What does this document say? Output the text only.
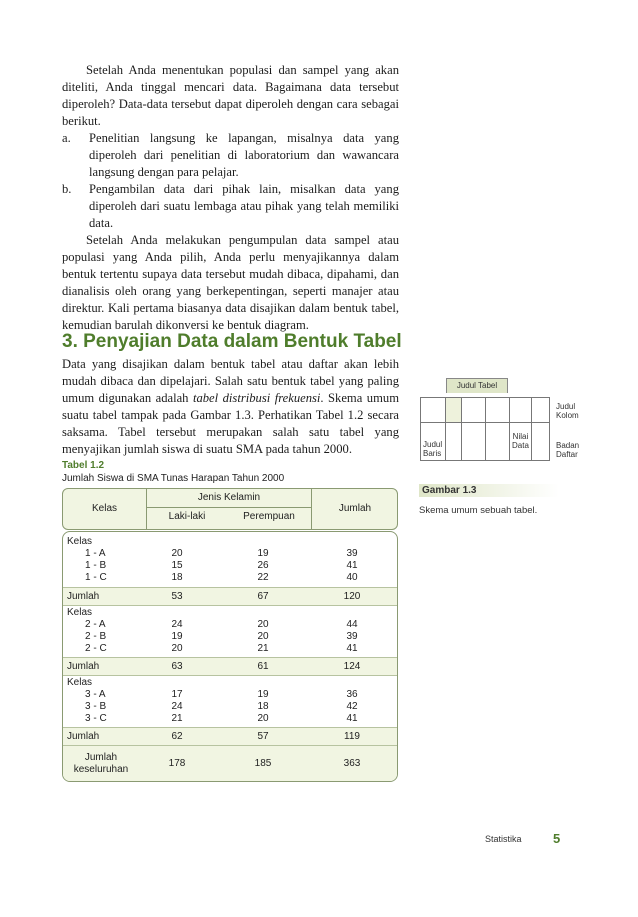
Setelah Anda menentukan populasi dan sampel yang akan diteliti, Anda tinggal mencari data. Bagaimana data tersebut diperoleh? Data-data tersebut dapat diperoleh dengan cara sebagai berikut.

a. Penelitian langsung ke lapangan, misalnya data yang diperoleh dari penelitian di laboratorium dan wawancara langsung dengan para pelajar.

b. Pengambilan data dari pihak lain, misalkan data yang diperoleh dari suatu lembaga atau pihak yang telah memiliki data.

Setelah Anda melakukan pengumpulan data sampel atau populasi yang Anda pilih, Anda perlu menyajikannya dalam bentuk tertentu supaya data tersebut mudah dibaca, dipahami, dan dianalisis oleh orang yang berkepentingan, seperti manajer atau direktur. Kali pertama biasanya data disajikan dalam bentuk tabel, kemudian barulah dikonversi ke bentuk diagram.

3. Penyajian Data dalam Bentuk Tabel

Data yang disajikan dalam bentuk tabel atau daftar akan lebih mudah dibaca dan dipelajari. Salah satu bentuk tabel yang paling umum digunakan adalah tabel distribusi frekuensi. Skema umum suatu tabel tampak pada Gambar 1.3. Perhatikan Tabel 1.2 secara saksama. Tabel tersebut merupakan salah satu tabel yang menyajikan jumlah siswa di suatu SMA pada tahun 2000.

Tabel 1.2
Jumlah Siswa di SMA Tunas Harapan Tahun 2000
Kelas
Jenis Kelamin
Laki-laki	Perempuan
Jumlah
Kelas
1 - A	20	19	39
1 - B	15	26	41
1 - C	18	22	40
Jumlah	53	67	120
Kelas
2 - A	24	20	44
2 - B	19	20	39
2 - C	20	21	41
Jumlah	63	61	124
Kelas
3 - A	17	19	36
3 - B	24	18	42
3 - C	21	20	41
Jumlah	62	57	119
Jumlah
keseluruhan
178	185	363
Judul Tabel
Judul
Kolom
Nilai
Data
Judul
Baris
Badan
Daftar
Gambar 1.3
Skema umum sebuah tabel.
Statistika 5
